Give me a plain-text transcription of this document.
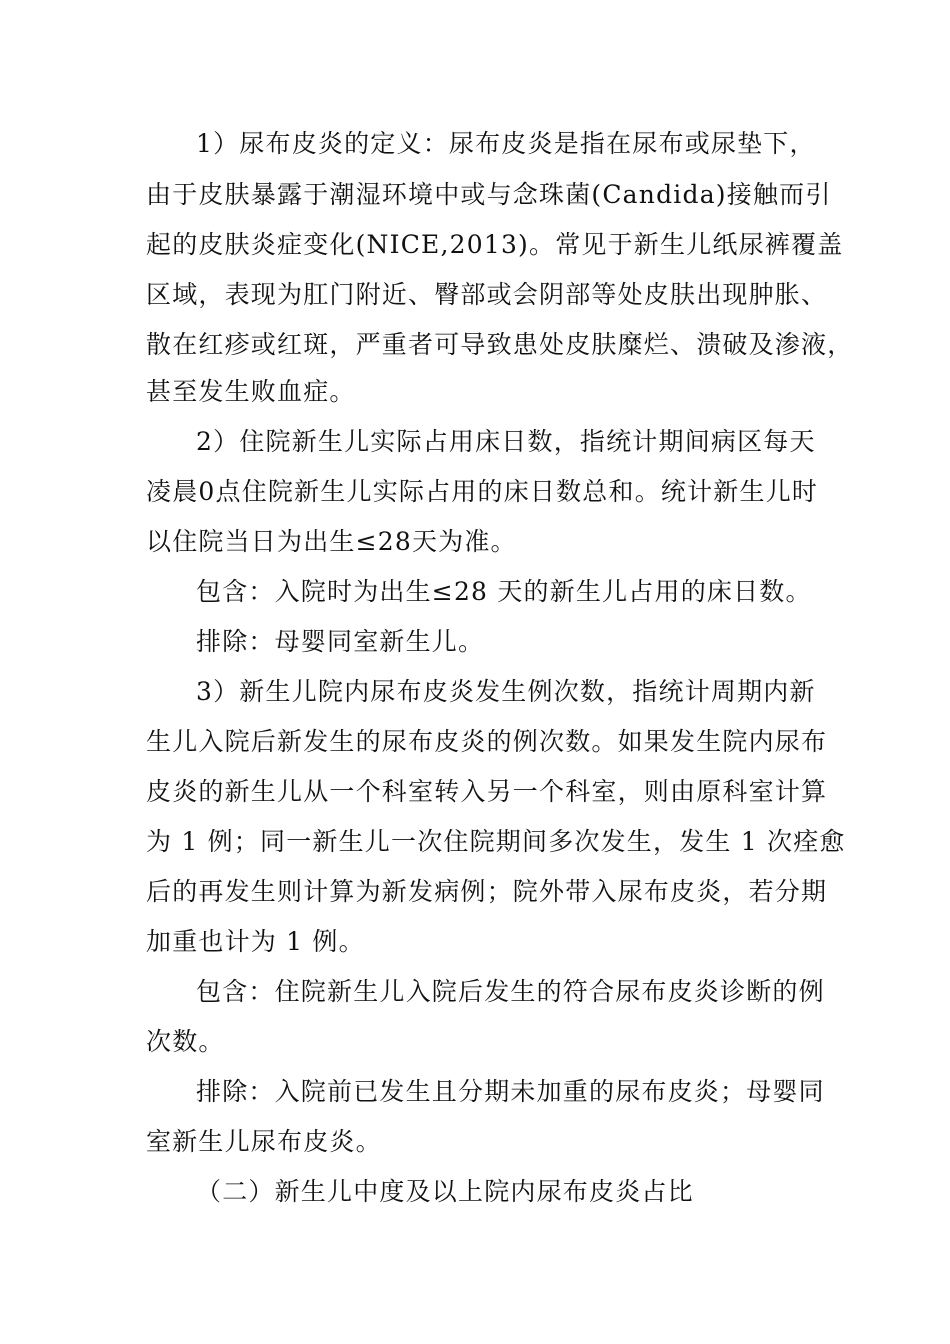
1）尿布皮炎的定义：尿布皮炎是指在尿布或尿垫下，
由于皮肤暴露于潮湿环境中或与念珠菌(Candida)接触而引
起的皮肤炎症变化(NICE,2013)。常见于新生儿纸尿裤覆盖
区域，表现为肛门附近、臀部或会阴部等处皮肤出现肿胀、
散在红疹或红斑，严重者可导致患处皮肤糜烂、溃破及渗液，
甚至发生败血症。
2）住院新生儿实际占用床日数，指统计期间病区每天
凌晨0点住院新生儿实际占用的床日数总和。统计新生儿时
以住院当日为出生≤28天为准。
包含：入院时为出生≤28 天的新生儿占用的床日数。
排除：母婴同室新生儿。
3）新生儿院内尿布皮炎发生例次数，指统计周期内新
生儿入院后新发生的尿布皮炎的例次数。如果发生院内尿布
皮炎的新生儿从一个科室转入另一个科室，则由原科室计算
为 1 例；同一新生儿一次住院期间多次发生，发生 1 次痊愈
后的再发生则计算为新发病例；院外带入尿布皮炎，若分期
加重也计为 1 例。
包含：住院新生儿入院后发生的符合尿布皮炎诊断的例
次数。
排除：入院前已发生且分期未加重的尿布皮炎；母婴同
室新生儿尿布皮炎。
（二）新生儿中度及以上院内尿布皮炎占比
